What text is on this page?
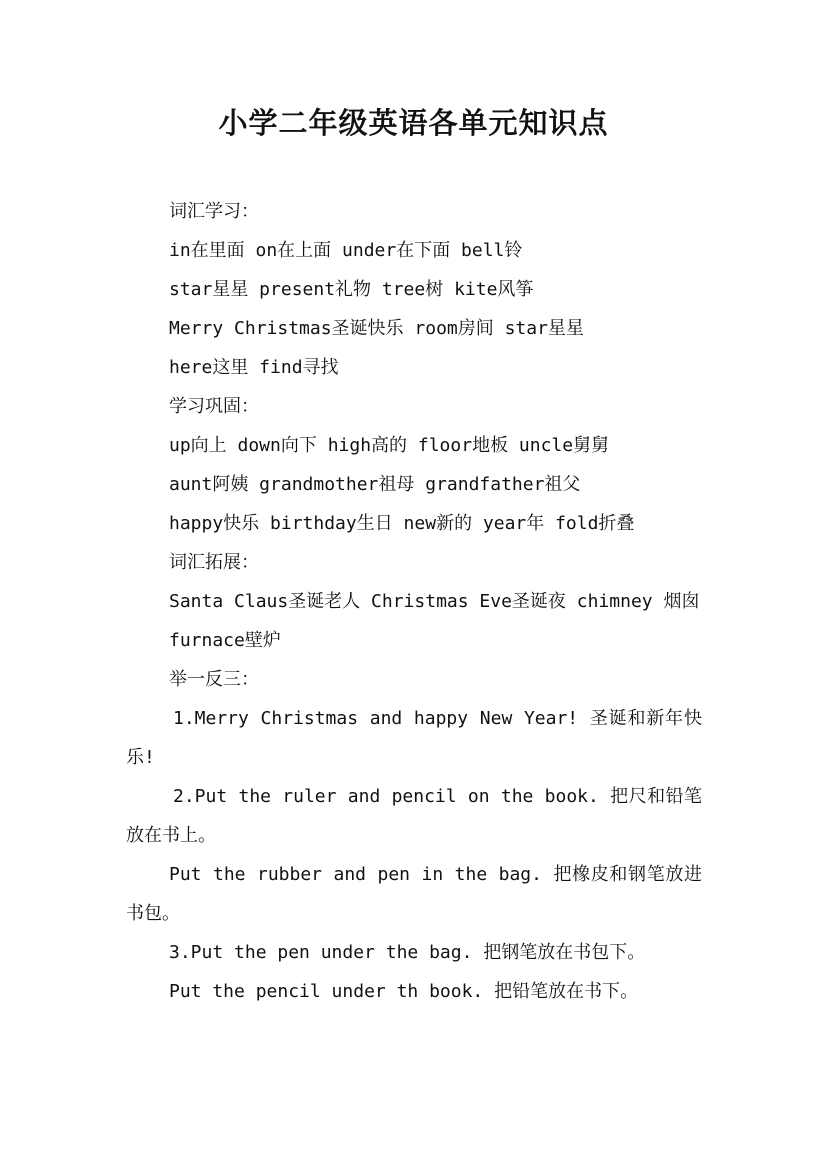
小学二年级英语各单元知识点
词汇学习：
in在里面 on在上面 under在下面 bell铃
star星星 present礼物 tree树 kite风筝
Merry Christmas圣诞快乐 room房间 star星星
here这里 find寻找
学习巩固：
up向上 down向下 high高的 floor地板 uncle舅舅
aunt阿姨 grandmother祖母 grandfather祖父
happy快乐 birthday生日 new新的 year年 fold折叠
词汇拓展：
Santa Claus圣诞老人 Christmas Eve圣诞夜 chimney 烟囱
furnace壁炉
举一反三：
1.Merry Christmas and happy New Year! 圣诞和新年快乐!
2.Put the ruler and pencil on the book. 把尺和铅笔放在书上。
Put the rubber and pen in the bag. 把橡皮和钢笔放进书包。
3.Put the pen under the bag. 把钢笔放在书包下。
Put the pencil under th book. 把铅笔放在书下。
